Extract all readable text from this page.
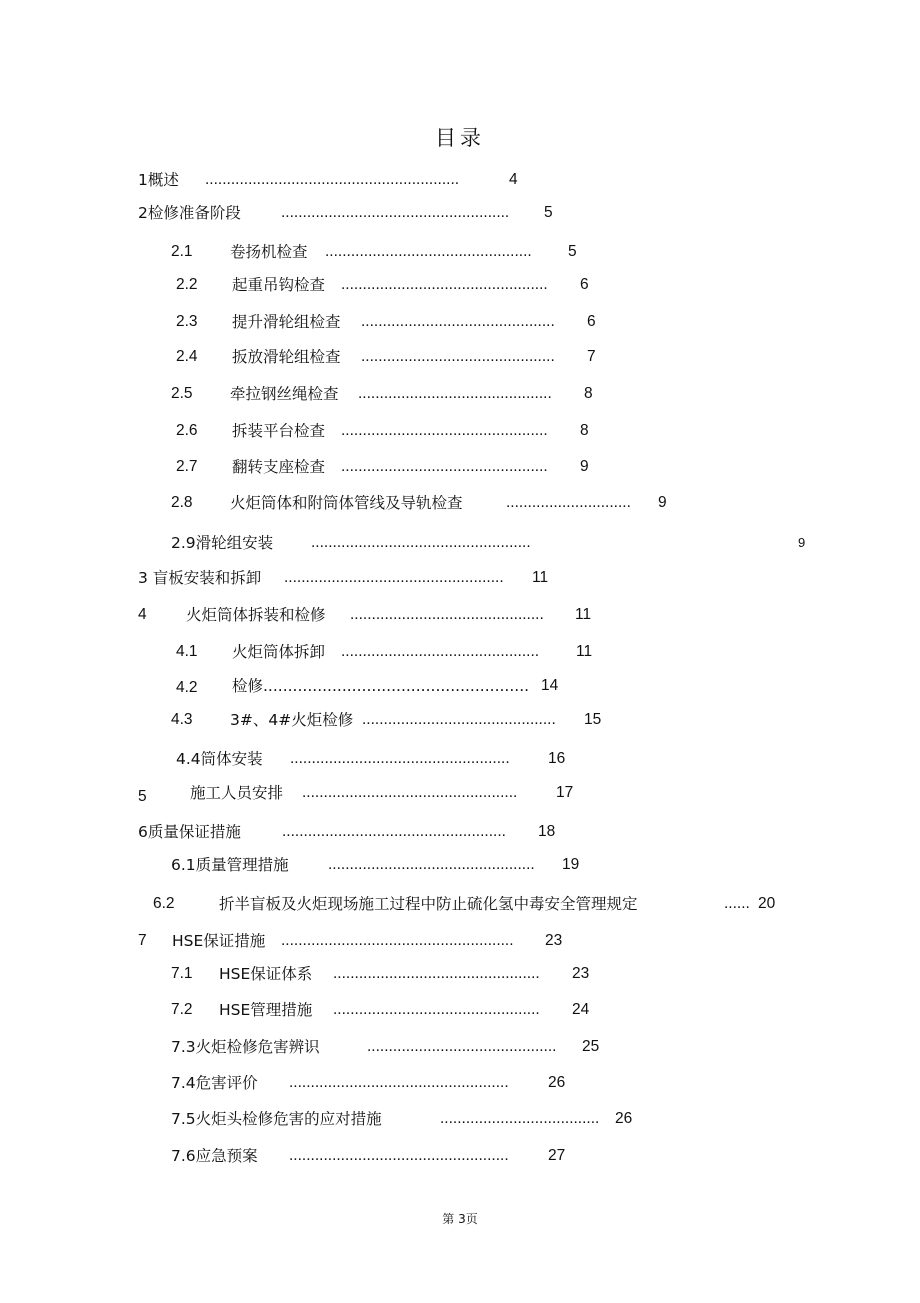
目录
1概述 ...........................................................	4
2检修准备阶段	..................................................... 5
2.1 卷扬机检查 ................................................ 5
2.2 起重吊钩检查 ................................................ 6
2.3 提升滑轮组检查 ............................................. 6
2.4 扳放滑轮组检查 ............................................. 7
2.5 牵拉钢丝绳检查 ............................................. 8
2.6 拆装平台检查 ................................................ 8
2.7 翻转支座检查 ................................................ 9
2.8 火炬筒体和附筒体管线及导轨检查	............................. 9
2.9滑轮组安装 ...................................................	9
3 盲板安装和拆卸 ................................................... 11
4	火炬筒体拆装和检修 ............................................. 11
4.1 火炬筒体拆卸 .............................................. 11
4.2 检修...................................................... 14
4.3 3#、4#火炬检修 ............................................. 15
4.4筒体安装 ................................................... 16
5	施工人员安排 .................................................. 17
6质量保证措施	.................................................... 18
6.1质量管理措施	................................................ 19
6.2	折半盲板及火炬现场施工过程中防止硫化氢中毒安全管理规定	...... 20
7 HSE保证措施 ...................................................... 23
7.1 HSE保证体系 ................................................ 23
7.2 HSE管理措施 ................................................ 24
7.3火炬检修危害辨识	............................................ 25
7.4危害评价 ...................................................	26
7.5火炬头检修危害的应对措施	..................................... 26
7.6应急预案 ...................................................	27
第 3页
